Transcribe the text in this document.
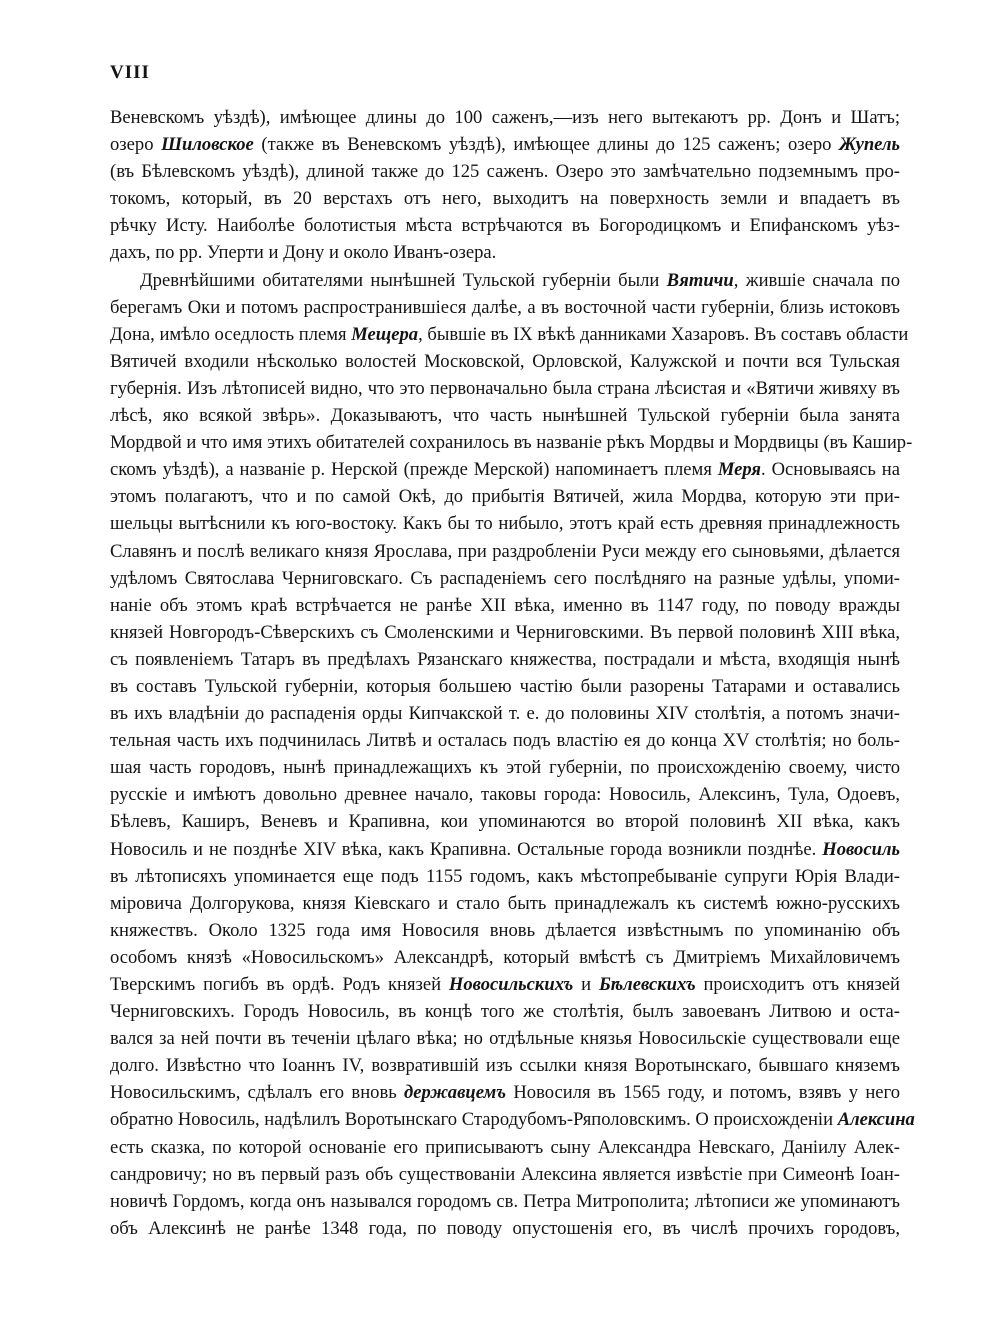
VIII
Веневскомъ уѣздѣ), имѣющее длины до 100 саженъ,—изъ него вытекаютъ рр. Донъ и Шатъ;
озеро Шиловское (также въ Веневскомъ уѣздѣ), имѣющее длины до 125 саженъ; озеро Жупель
(въ Бѣлевскомъ уѣздѣ), длиной также до 125 саженъ. Озеро это замѣчательно подземнымъ про-
токомъ, который, въ 20 верстахъ отъ него, выходитъ на поверхность земли и впадаетъ въ
рѣчку Исту. Наиболѣе болотистыя мѣста встрѣчаются въ Богородицкомъ и Епифанскомъ уѣз-
дахъ, по рр. Уперти и Дону и около Иванъ-озера.
Древнѣйшими обитателями нынѣшней Тульской губерніи были Вятичи, жившіе сначала по
берегамъ Оки и потомъ распространившіеся далѣе, а въ восточной части губерніи, близь истоковъ
Дона, имѣло оседлость племя Мещера, бывшіе въ IX вѣкѣ данниками Хазаровъ. Въ составъ области
Вятичей входили нѣсколько волостей Московской, Орловской, Калужской и почти вся Тульская
губернія. Изъ лѣтописей видно, что это первоначально была страна лѣсистая и «Вятичи живяху въ
лѣсѣ, яко всякой звѣрь». Доказываютъ, что часть нынѣшней Тульской губерніи была занята
Мордвой и что имя этихъ обитателей сохранилось въ названіе рѣкъ Мордвы и Мордвицы (въ Кашир-
скомъ уѣздѣ), а названіе р. Нерской (прежде Мерской) напоминаетъ племя Меря. Основываясь на
этомъ полагаютъ, что и по самой Окѣ, до прибытія Вятичей, жила Мордва, которую эти при-
шельцы вытѣснили къ юго-востоку. Какъ бы то нибыло, этотъ край есть древняя принадлежность
Славянъ и послѣ великаго князя Ярослава, при раздробленіи Руси между его сыновьями, дѣлается
удѣломъ Святослава Черниговскаго. Съ распаденіемъ сего послѣдняго на разные удѣлы, упоми-
наніе объ этомъ краѣ встрѣчается не ранѣе XII вѣка, именно въ 1147 году, по поводу вражды
князей Новгородъ-Сѣверскихъ съ Смоленскими и Черниговскими. Въ первой половинѣ XIII вѣка,
съ появленіемъ Татаръ въ предѣлахъ Рязанскаго княжества, пострадали и мѣста, входящія нынѣ
въ составъ Тульской губерніи, которыя большею частію были разорены Татарами и оставались
въ ихъ владѣніи до распаденія орды Кипчакской т. е. до половины XIV столѣтія, а потомъ значи-
тельная часть ихъ подчинилась Литвѣ и осталась подъ властію ея до конца XV столѣтія; но боль-
шая часть городовъ, нынѣ принадлежащихъ къ этой губерніи, по происхожденію своему, чисто
русскіе и имѣютъ довольно древнее начало, таковы города: Новосиль, Алексинъ, Тула, Одоевъ,
Бѣлевъ, Каширъ, Веневъ и Крапивна, кои упоминаются во второй половинѣ XII вѣка, какъ
Новосиль и не позднѣе XIV вѣка, какъ Крапивна. Остальные города возникли позднѣе. Новосиль
въ лѣтописяхъ упоминается еще подъ 1155 годомъ, какъ мѣстопребываніе супруги Юрія Влади-
міровича Долгорукова, князя Кіевскаго и стало быть принадлежалъ къ системѣ южно-русскихъ
княжествъ. Около 1325 года имя Новосиля вновь дѣлается извѣстнымъ по упоминанію объ
особомъ князѣ «Новосильскомъ» Александрѣ, который вмѣстѣ съ Дмитріемъ Михайловичемъ
Тверскимъ погибъ въ ордѣ. Родъ князей Новосильскихъ и Бѣлевскихъ происходитъ отъ князей
Черниговскихъ. Городъ Новосиль, въ концѣ того же столѣтія, былъ завоеванъ Литвою и оста-
вался за ней почти въ теченіи цѣлаго вѣка; но отдѣльные князья Новосильскіе существовали еще
долго. Извѣстно что Іоаннъ IV, возвратившій изъ ссылки князя Воротынскаго, бывшаго княземъ
Новосильскимъ, сдѣлалъ его вновь державцемъ Новосиля въ 1565 году, и потомъ, взявъ у него
обратно Новосиль, надѣлилъ Воротынскаго Стародубомъ-Ряполовскимъ. О происхожденіи Алексина
есть сказка, по которой основаніе его приписываютъ сыну Александра Невскаго, Даніилу Алек-
сандровичу; но въ первый разъ объ существованіи Алексина является извѣстіе при Симеонѣ Іоан-
новичѣ Гордомъ, когда онъ назывался городомъ св. Петра Митрополита; лѣтописи же упоминаютъ
объ Алексинѣ не ранѣе 1348 года, по поводу опустошенія его, въ числѣ прочихъ городовъ,
